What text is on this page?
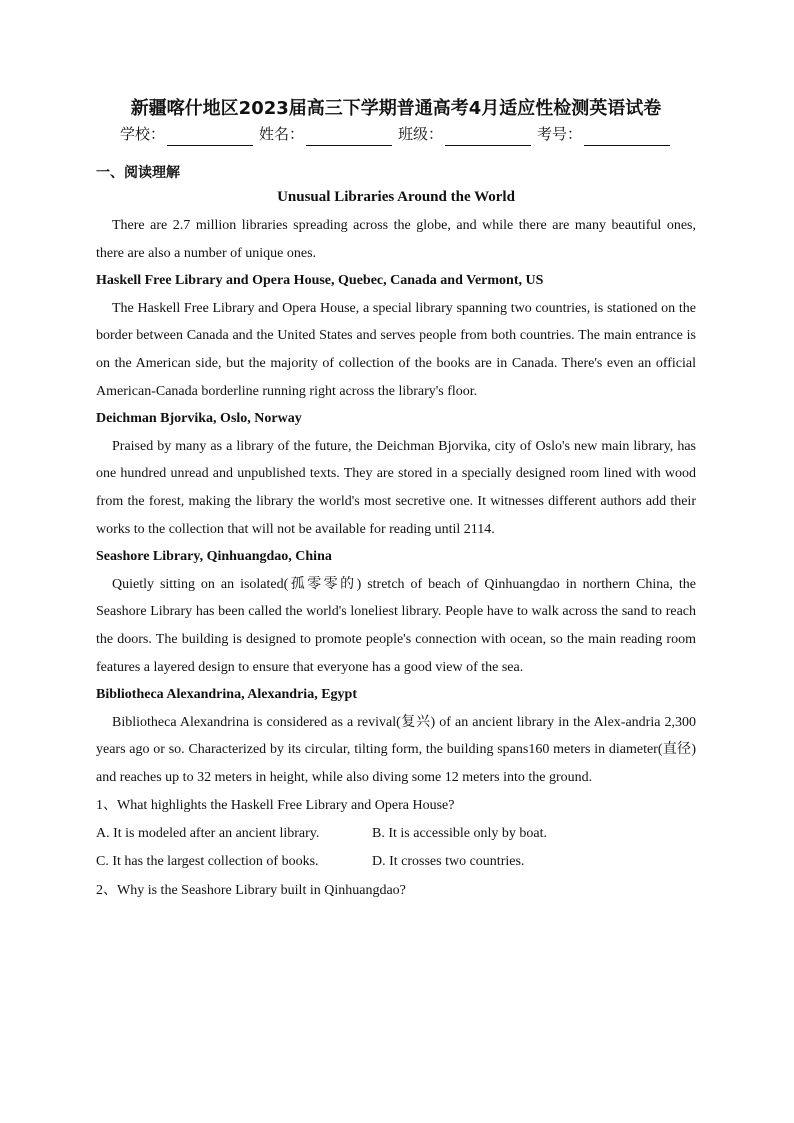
新疆喀什地区2023届高三下学期普通高考4月适应性检测英语试卷
学校：	姓名：	班级：	考号：

一、阅读理解

Unusual Libraries Around the World

There are 2.7 million libraries spreading across the globe, and while there are many beautiful ones, there are also a number of unique ones.

Haskell Free Library and Opera House, Quebec, Canada and Vermont, US

The Haskell Free Library and Opera House, a special library spanning two countries, is stationed on the border between Canada and the United States and serves people from both countries. The main entrance is on the American side, but the majority of collection of the books are in Canada. There's even an official American-Canada borderline running right across the library's floor.

Deichman Bjorvika, Oslo, Norway

Praised by many as a library of the future, the Deichman Bjorvika, city of Oslo's new main library, has one hundred unread and unpublished texts. They are stored in a specially designed room lined with wood from the forest, making the library the world's most secretive one. It witnesses different authors add their works to the collection that will not be available for reading until 2114.

Seashore Library, Qinhuangdao, China

Quietly sitting on an isolated(孤零零的) stretch of beach of Qinhuangdao in northern China, the Seashore Library has been called the world's loneliest library. People have to walk across the sand to reach the doors. The building is designed to promote people's connection with ocean, so the main reading room features a layered design to ensure that everyone has a good view of the sea.

Bibliotheca Alexandrina, Alexandria, Egypt

Bibliotheca Alexandrina is considered as a revival(复兴) of an ancient library in the Alex-andria 2,300 years ago or so. Characterized by its circular, tilting form, the building spans160 meters in diameter(直径) and reaches up to 32 meters in height, while also diving some 12 meters into the ground.

1、What highlights the Haskell Free Library and Opera House?

A. It is modeled after an ancient library.	B. It is accessible only by boat.
C. It has the largest collection of books.	D. It crosses two countries.

2、Why is the Seashore Library built in Qinhuangdao?
